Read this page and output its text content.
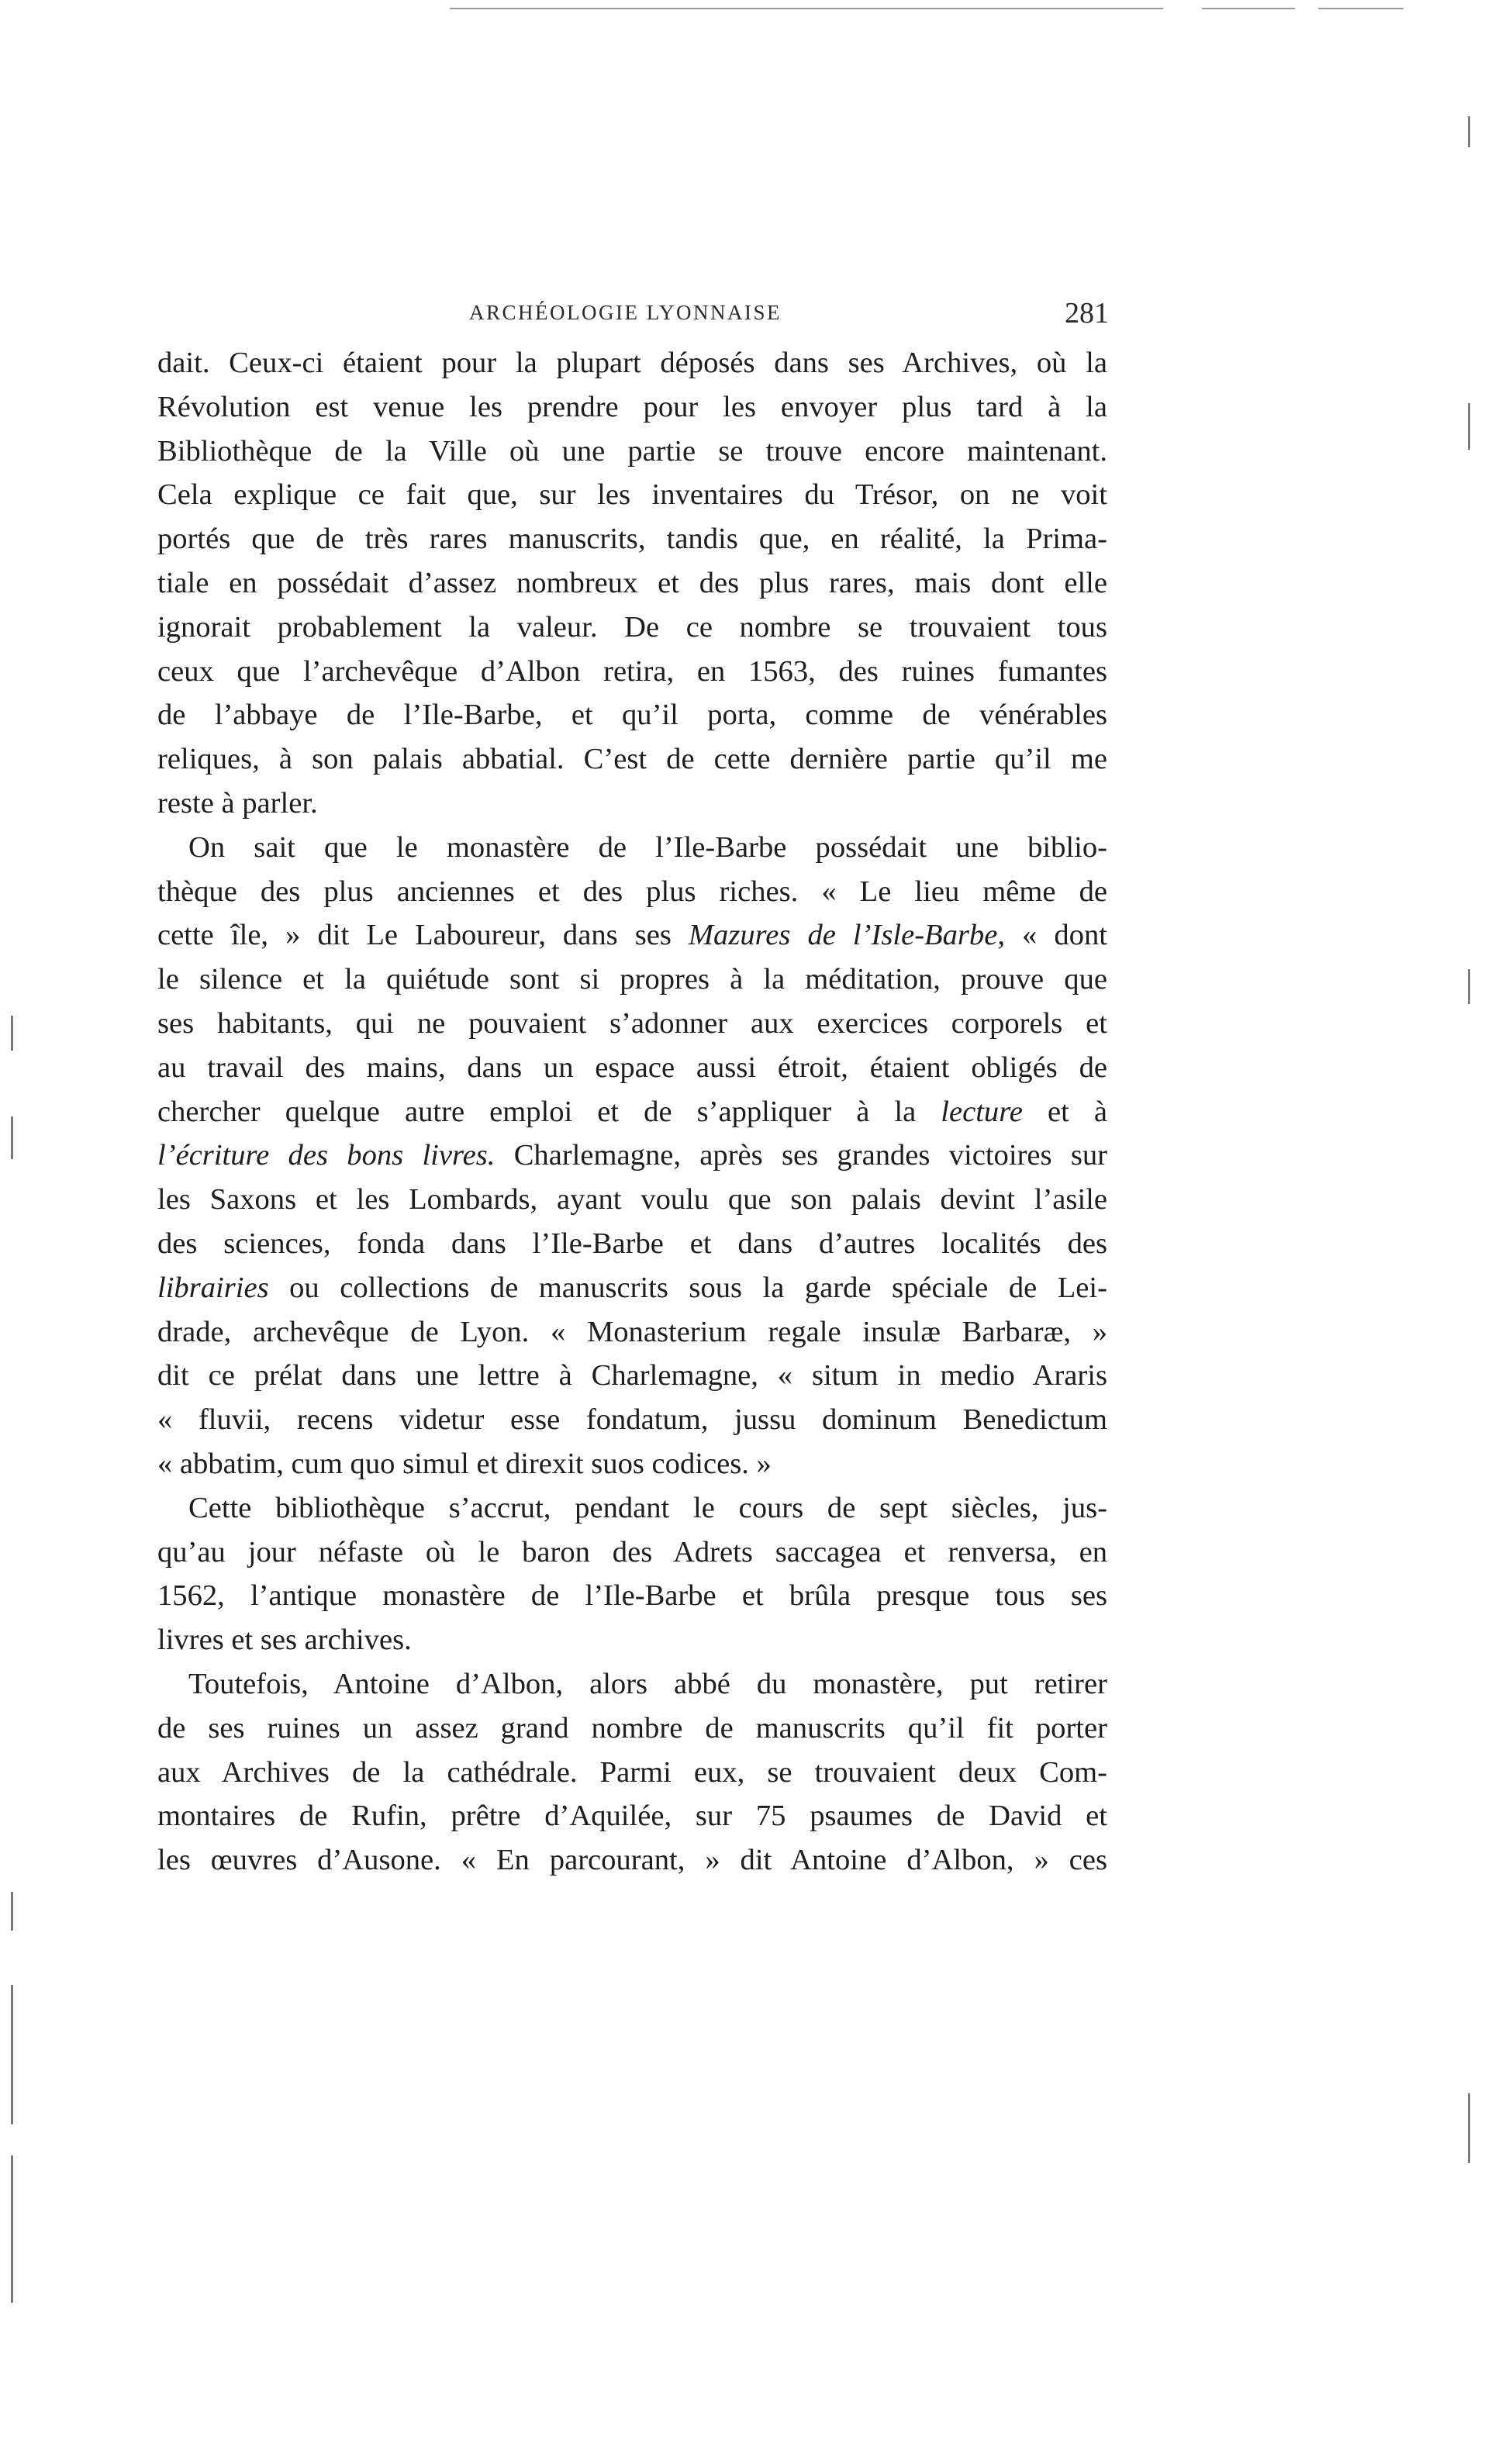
ARCHÉOLOGIE LYONNAISE	281
dait. Ceux-ci étaient pour la plupart déposés dans ses Archives, où la
Révolution est venue les prendre pour les envoyer plus tard à la
Bibliothèque de la Ville où une partie se trouve encore maintenant.
Cela explique ce fait que, sur les inventaires du Trésor, on ne voit
portés que de très rares manuscrits, tandis que, en réalité, la Prima-
tiale en possédait d’assez nombreux et des plus rares, mais dont elle
ignorait probablement la valeur. De ce nombre se trouvaient tous
ceux que l’archevêque d’Albon retira, en 1563, des ruines fumantes
de l’abbaye de l’Ile-Barbe, et qu’il porta, comme de vénérables
reliques, à son palais abbatial. C’est de cette dernière partie qu’il me
reste à parler.
On sait que le monastère de l’Ile-Barbe possédait une biblio-
thèque des plus anciennes et des plus riches. « Le lieu même de
cette île, » dit Le Laboureur, dans ses Mazures de l’Isle-Barbe, « dont
le silence et la quiétude sont si propres à la méditation, prouve que
ses habitants, qui ne pouvaient s’adonner aux exercices corporels et
au travail des mains, dans un espace aussi étroit, étaient obligés de
chercher quelque autre emploi et de s’appliquer à la lecture et à
l’écriture des bons livres. Charlemagne, après ses grandes victoires sur
les Saxons et les Lombards, ayant voulu que son palais devint l’asile
des sciences, fonda dans l’Ile-Barbe et dans d’autres localités des
librairies ou collections de manuscrits sous la garde spéciale de Lei-
drade, archevêque de Lyon. « Monasterium regale insulæ Barbaræ, »
dit ce prélat dans une lettre à Charlemagne, « situm in medio Araris
« fluvii, recens videtur esse fondatum, jussu dominum Benedictum
« abbatim, cum quo simul et direxit suos codices. »
Cette bibliothèque s’accrut, pendant le cours de sept siècles, jus-
qu’au jour néfaste où le baron des Adrets saccagea et renversa, en
1562, l’antique monastère de l’Ile-Barbe et brûla presque tous ses
livres et ses archives.
Toutefois, Antoine d’Albon, alors abbé du monastère, put retirer
de ses ruines un assez grand nombre de manuscrits qu’il fit porter
aux Archives de la cathédrale. Parmi eux, se trouvaient deux Com-
montaires de Rufin, prêtre d’Aquilée, sur 75 psaumes de David et
les œuvres d’Ausone. « En parcourant, » dit Antoine d’Albon, » ces
